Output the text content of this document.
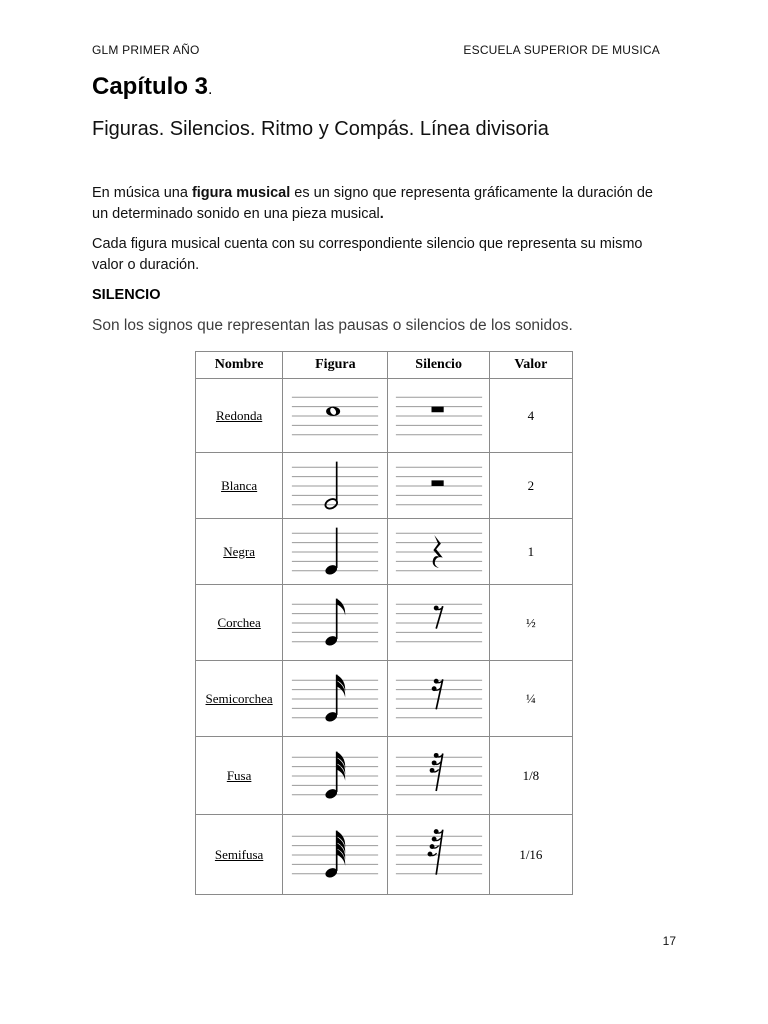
GLM PRIMER AÑO	ESCUELA SUPERIOR DE MUSICA
Capítulo 3.
Figuras. Silencios. Ritmo y Compás. Línea divisoria
En música una figura musical es un signo que representa gráficamente la duración de un determinado sonido en una pieza musical.
Cada figura musical cuenta con su correspondiente silencio que representa su mismo valor o duración.
SILENCIO
Son los signos que representan las pausas o silencios de los sonidos.
Nombre	Figura	Silencio	Valor
Redonda			4
Blanca			2
Negra			1
Corchea			½
Semicorchea			¼
Fusa			1/8
Semifusa			1/16
17
